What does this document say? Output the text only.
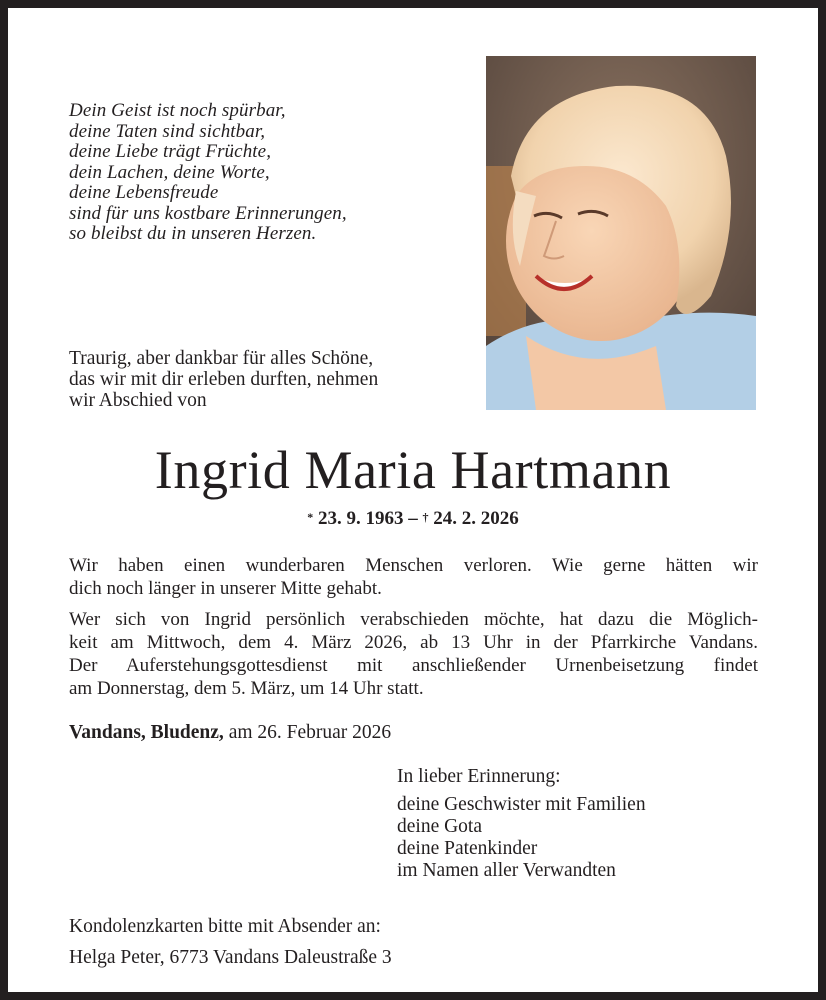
Dein Geist ist noch spürbar,
deine Taten sind sichtbar,
deine Liebe trägt Früchte,
dein Lachen, deine Worte,
deine Lebensfreude
sind für uns kostbare Erinnerungen,
so bleibst du in unseren Herzen.
Traurig, aber dankbar für alles Schöne,
das wir mit dir erleben durften, nehmen
wir Abschied von
Ingrid Maria Hartmann
* 23. 9. 1963 – † 24. 2. 2026
Wir haben einen wunderbaren Menschen verloren. Wie gerne hätten wir
dich noch länger in unserer Mitte gehabt.
Wer sich von Ingrid persönlich verabschieden möchte, hat dazu die Möglich-
keit am Mittwoch, dem 4. März 2026, ab 13 Uhr in der Pfarrkirche Vandans.
Der Auferstehungsgottesdienst mit anschließender Urnenbeisetzung findet
am Donnerstag, dem 5. März, um 14 Uhr statt.
Vandans, Bludenz, am 26. Februar 2026
In lieber Erinnerung:
deine Geschwister mit Familien
deine Gota
deine Patenkinder
im Namen aller Verwandten
Kondolenzkarten bitte mit Absender an:
Helga Peter, 6773 Vandans Daleustraße 3
